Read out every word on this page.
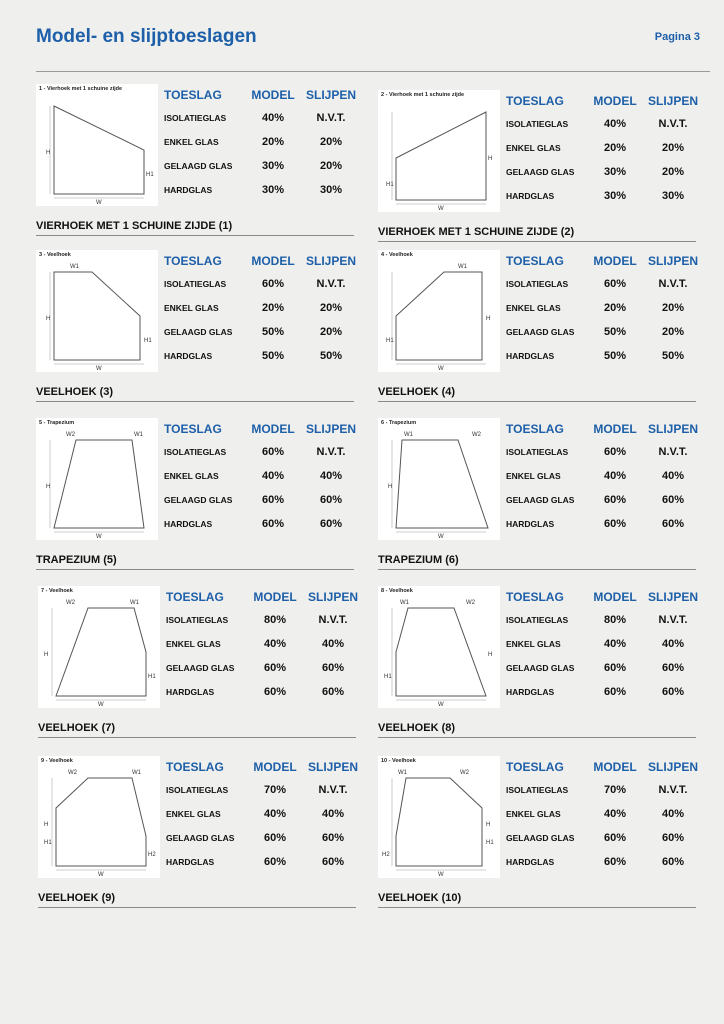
Model- en slijptoeslagen	Pagina 3
1 - Vierhoek met 1 schuine zijde
W
H
H1
TOESLAG	MODEL	SLIJPEN
ISOLATIEGLAS	40%	N.V.T.
ENKEL GLAS	20%	20%
GELAAGD GLAS	30%	20%
HARDGLAS	30%	30%
VIERHOEK MET 1 SCHUINE ZIJDE (1)
2 - Vierhoek met 1 schuine zijde
W
H
H1
TOESLAG	MODEL	SLIJPEN
ISOLATIEGLAS	40%	N.V.T.
ENKEL GLAS	20%	20%
GELAAGD GLAS	30%	20%
HARDGLAS	30%	30%
VIERHOEK MET 1 SCHUINE ZIJDE (2)
3 - Veelhoek
W1
W
H
H1
TOESLAG	MODEL	SLIJPEN
ISOLATIEGLAS	60%	N.V.T.
ENKEL GLAS	20%	20%
GELAAGD GLAS	50%	20%
HARDGLAS	50%	50%
VEELHOEK (3)
4 - Veelhoek
W1
W
H
H1
TOESLAG	MODEL	SLIJPEN
ISOLATIEGLAS	60%	N.V.T.
ENKEL GLAS	20%	20%
GELAAGD GLAS	50%	20%
HARDGLAS	50%	50%
VEELHOEK (4)
5 - Trapezium
W2	W1
W
H
TOESLAG	MODEL	SLIJPEN
ISOLATIEGLAS	60%	N.V.T.
ENKEL GLAS	40%	40%
GELAAGD GLAS	60%	60%
HARDGLAS	60%	60%
TRAPEZIUM (5)
6 - Trapezium
W1	W2
W
H
TOESLAG	MODEL	SLIJPEN
ISOLATIEGLAS	60%	N.V.T.
ENKEL GLAS	40%	40%
GELAAGD GLAS	60%	60%
HARDGLAS	60%	60%
TRAPEZIUM (6)
7 - Veelhoek
W2	W1
W
H
H1
TOESLAG	MODEL	SLIJPEN
ISOLATIEGLAS	80%	N.V.T.
ENKEL GLAS	40%	40%
GELAAGD GLAS	60%	60%
HARDGLAS	60%	60%
VEELHOEK (7)
8 - Veelhoek
W1	W2
W
H
H1
TOESLAG	MODEL	SLIJPEN
ISOLATIEGLAS	80%	N.V.T.
ENKEL GLAS	40%	40%
GELAAGD GLAS	60%	60%
HARDGLAS	60%	60%
VEELHOEK (8)
9 - Veelhoek
W2	W1
W
H
H1
H2
TOESLAG	MODEL	SLIJPEN
ISOLATIEGLAS	70%	N.V.T.
ENKEL GLAS	40%	40%
GELAAGD GLAS	60%	60%
HARDGLAS	60%	60%
VEELHOEK (9)
10 - Veelhoek
W1	W2
W
H
H1
H2
TOESLAG	MODEL	SLIJPEN
ISOLATIEGLAS	70%	N.V.T.
ENKEL GLAS	40%	40%
GELAAGD GLAS	60%	60%
HARDGLAS	60%	60%
VEELHOEK (10)
